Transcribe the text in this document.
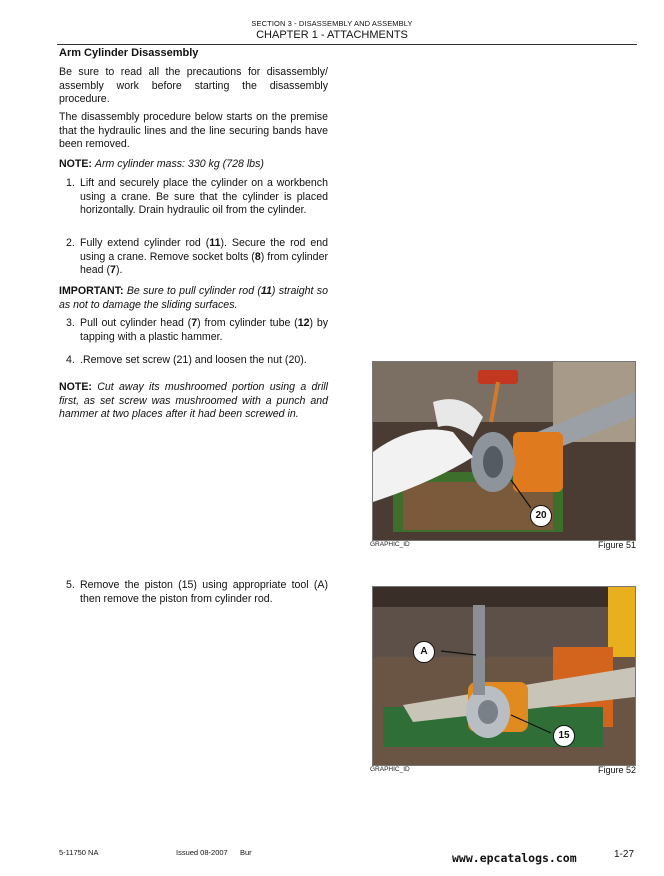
SECTION 3 - DISASSEMBLY AND ASSEMBLY
CHAPTER 1 - ATTACHMENTS
Arm Cylinder Disassembly

Be sure to read all the precautions for disassembly/ assembly work before starting the disassembly procedure.

The disassembly procedure below starts on the premise that the hydraulic lines and the line securing bands have been removed.

NOTE: Arm cylinder mass: 330 kg (728 lbs)
1. Lift and securely place the cylinder on a workbench using a crane. Be sure that the cylinder is placed horizontally. Drain hydraulic oil from the cylinder.
2. Fully extend cylinder rod (11). Secure the rod end using a crane. Remove socket bolts (8) from cylinder head (7).
IMPORTANT: Be sure to pull cylinder rod (11) straight so as not to damage the sliding surfaces.
3. Pull out cylinder head (7) from cylinder tube (12) by tapping with a plastic hammer.
4. .Remove set screw (21) and loosen the nut (20).
NOTE: Cut away its mushroomed portion using a drill first, as set screw was mushroomed with a punch and hammer at two places after it had been screwed in.
20
GRAPHIC_ID	Figure 51
5. Remove the piston (15) using appropriate tool (A) then remove the piston from cylinder rod.
A
15
GRAPHIC_ID	Figure 52
5-11750 NA	Issued 08-2007 Bur	www.epcatalogs.com	1-27
